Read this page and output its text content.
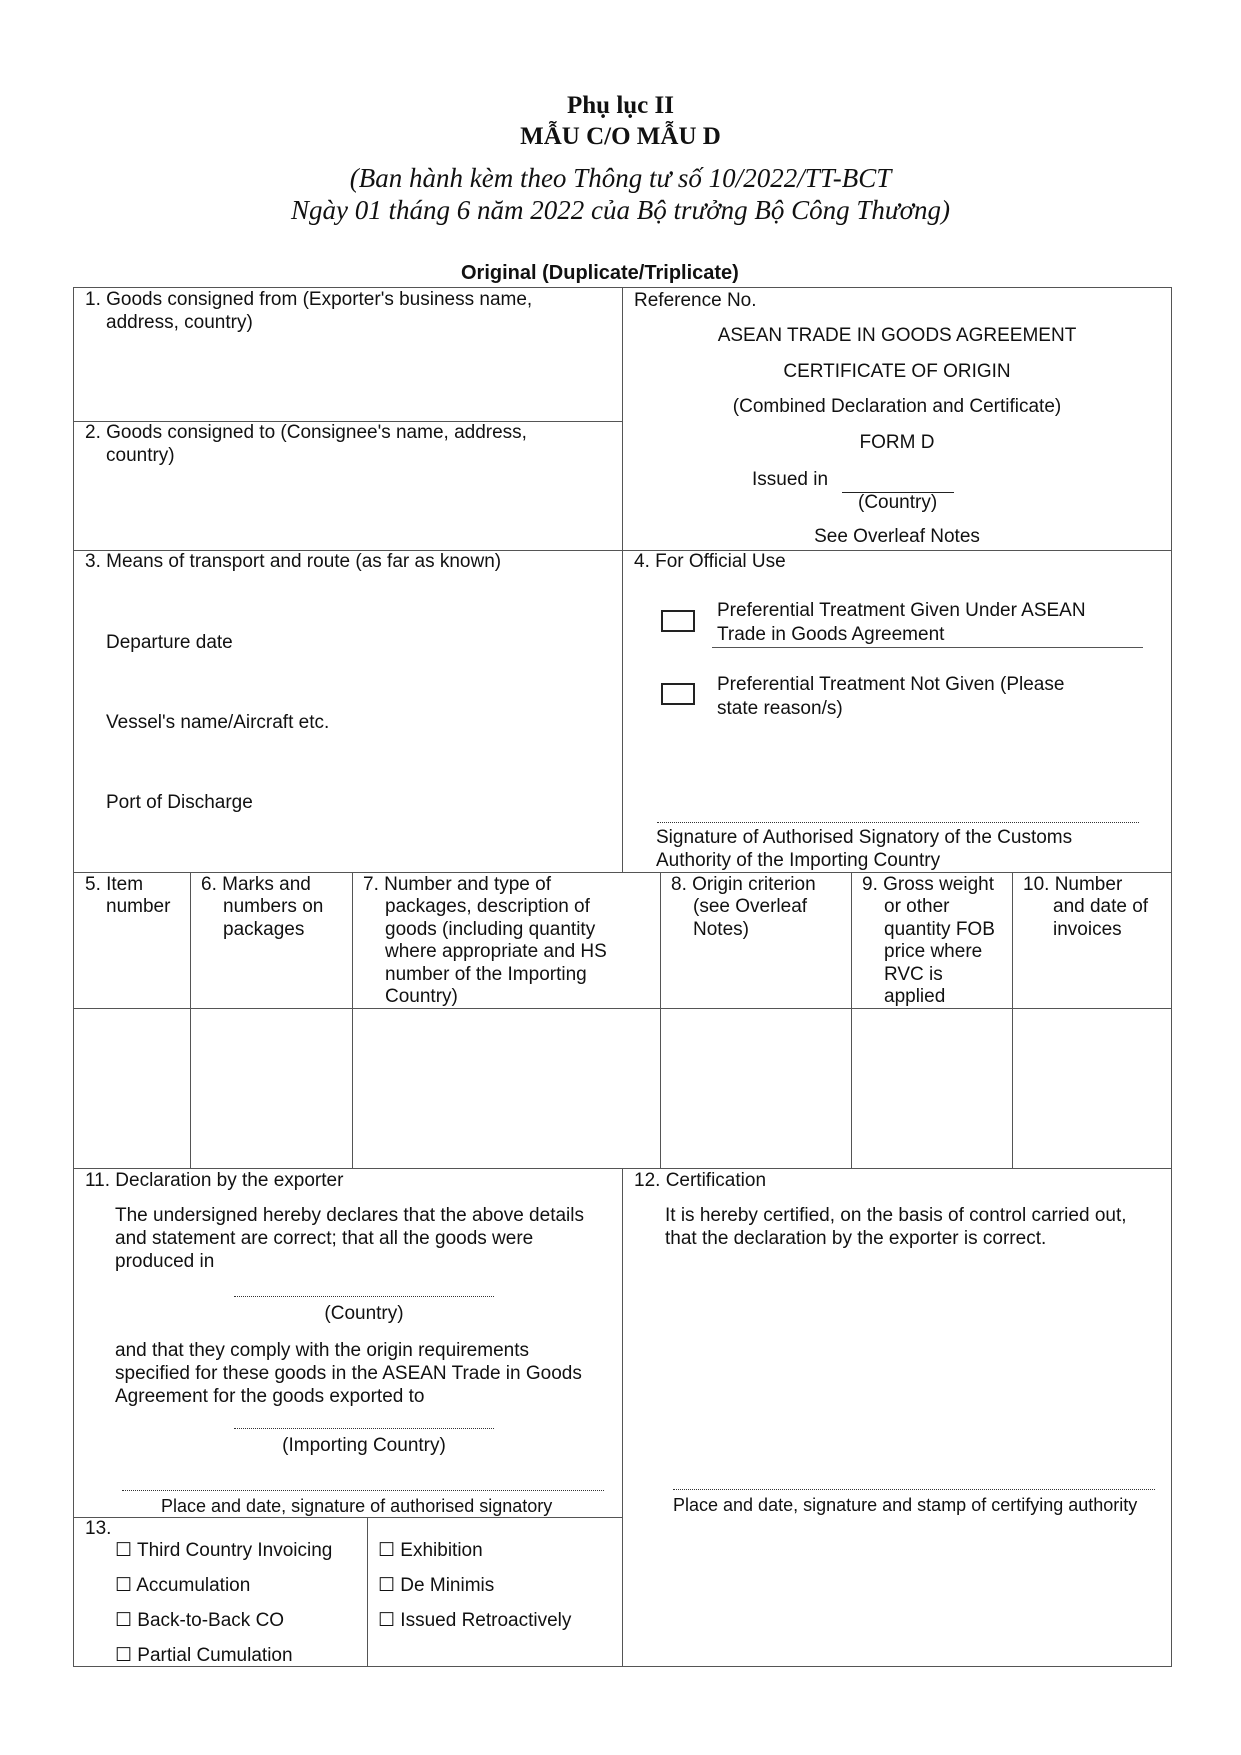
Phụ lục II
MẪU C/O MẪU D
(Ban hành kèm theo Thông tư số 10/2022/TT-BCT
Ngày 01 tháng 6 năm 2022 của Bộ trưởng Bộ Công Thương)
Original (Duplicate/Triplicate)
1. Goods consigned from (Exporter's business name,
address, country)
2. Goods consigned to (Consignee's name, address,
country)
Reference No.
ASEAN TRADE IN GOODS AGREEMENT
CERTIFICATE OF ORIGIN
(Combined Declaration and Certificate)
FORM D
Issued in
(Country)
See Overleaf Notes
3. Means of transport and route (as far as known)
Departure date
Vessel's name/Aircraft etc.
Port of Discharge
4. For Official Use
Preferential Treatment Given Under ASEAN
Trade in Goods Agreement
Preferential Treatment Not Given (Please
state reason/s)
Signature of Authorised Signatory of the Customs
Authority of the Importing Country
5. Item
number
6. Marks and
numbers on
packages
7. Number and type of
packages, description of
goods (including quantity
where appropriate and HS
number of the Importing
Country)
8. Origin criterion
(see Overleaf
Notes)
9. Gross weight
or other
quantity FOB
price where
RVC is
applied
10. Number
and date of
invoices
11. Declaration by the exporter
The undersigned hereby declares that the above details
and statement are correct; that all the goods were
produced in
(Country)
and that they comply with the origin requirements
specified for these goods in the ASEAN Trade in Goods
Agreement for the goods exported to
(Importing Country)
Place and date, signature of authorised signatory
12. Certification
It is hereby certified, on the basis of control carried out,
that the declaration by the exporter is correct.
Place and date, signature and stamp of certifying authority
13.
☐ Third Country Invoicing
☐ Accumulation
☐ Back-to-Back CO
☐ Partial Cumulation
☐ Exhibition
☐ De Minimis
☐ Issued Retroactively
